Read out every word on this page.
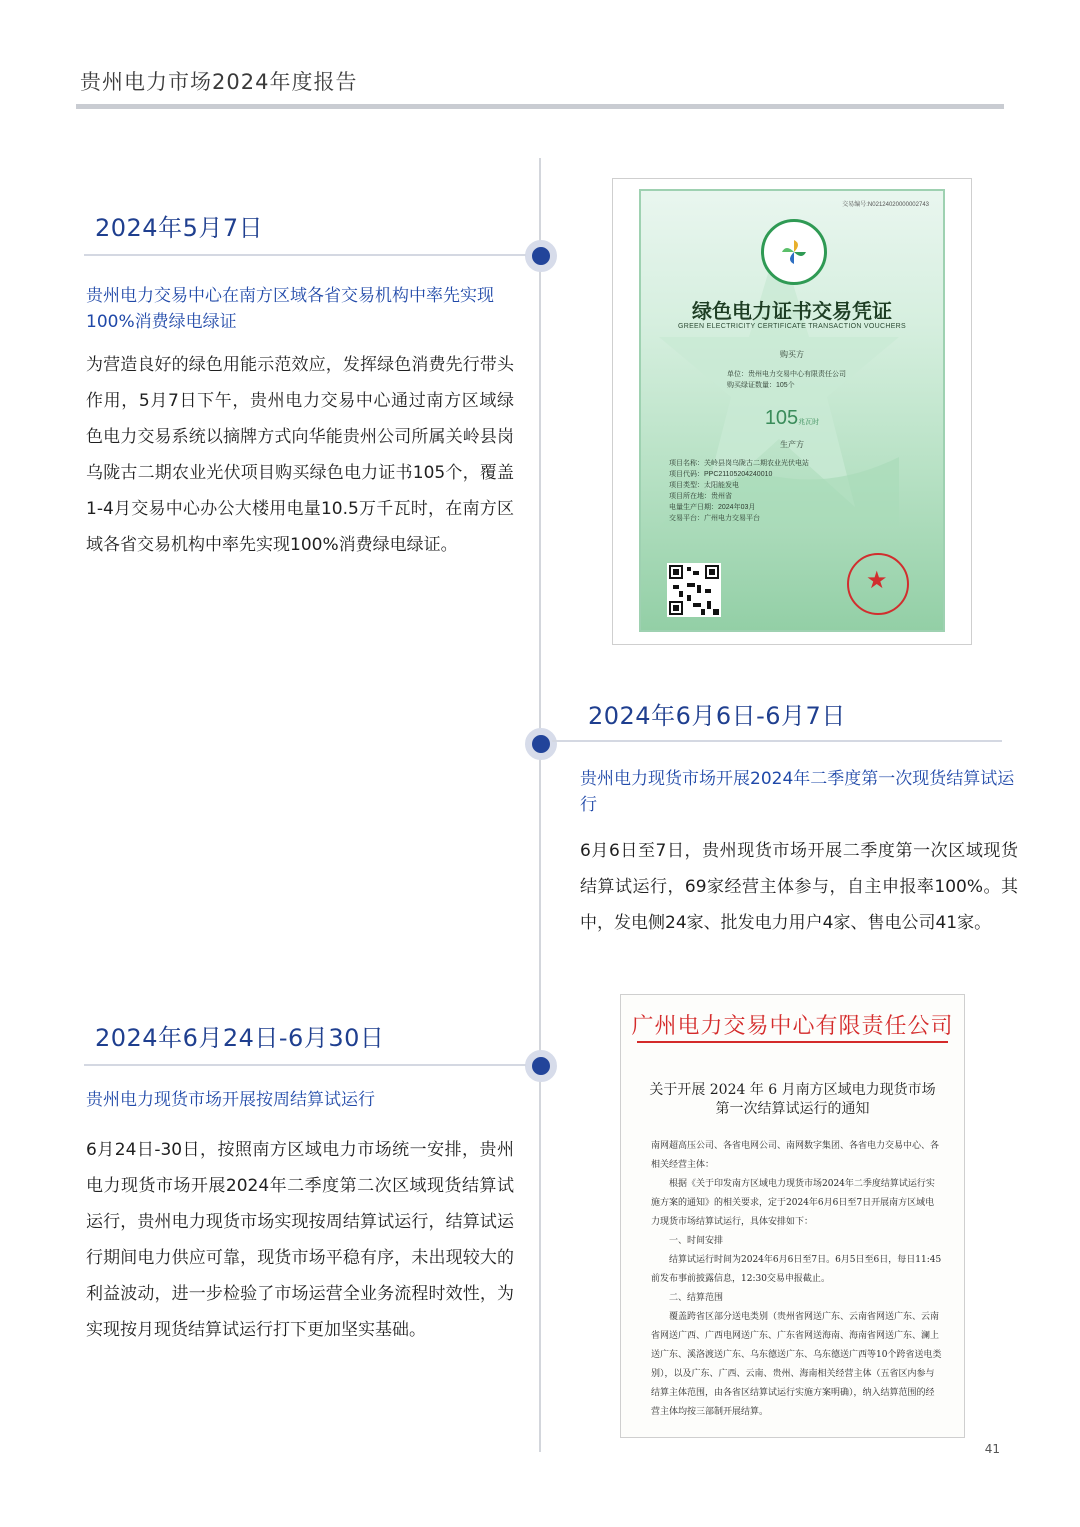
贵州电力市场2024年度报告
2024年5月7日
贵州电力交易中心在南方区域各省交易机构中率先实现100%消费绿电绿证
为营造良好的绿色用能示范效应，发挥绿色消费先行带头作用，5月7日下午，贵州电力交易中心通过南方区域绿色电力交易系统以摘牌方式向华能贵州公司所属关岭县岗乌陇古二期农业光伏项目购买绿色电力证书105个，覆盖1-4月交易中心办公大楼用电量10.5万千瓦时，在南方区域各省交易机构中率先实现100%消费绿电绿证。
2024年6月6日-6月7日
贵州电力现货市场开展2024年二季度第一次现货结算试运行
6月6日至7日，贵州现货市场开展二季度第一次区域现货结算试运行，69家经营主体参与，自主申报率100%。其中，发电侧24家、批发电力用户4家、售电公司41家。
2024年6月24日-6月30日
贵州电力现货市场开展按周结算试运行
6月24日-30日，按照南方区域电力市场统一安排，贵州电力现货市场开展2024年二季度第二次区域现货结算试运行，贵州电力现货市场实现按周结算试运行，结算试运行期间电力供应可靠，现货市场平稳有序，未出现较大的利益波动，进一步检验了市场运营全业务流程时效性，为实现按月现货结算试运行打下更加坚实基础。
交易编号:N02124020000002743
绿色电力证书交易凭证
GREEN ELECTRICITY CERTIFICATE TRANSACTION VOUCHERS
购买方
单位：贵州电力交易中心有限责任公司
购买绿证数量：105个
105兆瓦时
生产方
项目名称：关岭县岗乌陇古二期农业光伏电站
项目代码：PPC21105204240010
项目类型：太阳能发电
项目所在地：贵州省
电量生产日期：2024年03月
交易平台：广州电力交易平台
★
广州电力交易中心有限责任公司
关于开展 2024 年 6 月南方区域电力现货市场
第一次结算试运行的通知

南网超高压公司、各省电网公司、南网数字集团、各省电力交易中心、各相关经营主体：

根据《关于印发南方区域电力现货市场2024年二季度结算试运行实施方案的通知》的相关要求，定于2024年6月6日至7日开展南方区域电力现货市场结算试运行，具体安排如下：

一、时间安排

结算试运行时间为2024年6月6日至7日。6月5日至6日，每日11:45前发布事前披露信息，12:30交易申报截止。

二、结算范围

覆盖跨省区部分送电类别（贵州省网送广东、云南省网送广东、云南省网送广西、广西电网送广东、广东省网送海南、海南省网送广东、澜上送广东、溪洛渡送广东、乌东德送广东、乌东德送广西等10个跨省送电类别），以及广东、广西、云南、贵州、海南相关经营主体（五省区内参与结算主体范围，由各省区结算试运行实施方案明确），纳入结算范围的经营主体均按三部制开展结算。

41
